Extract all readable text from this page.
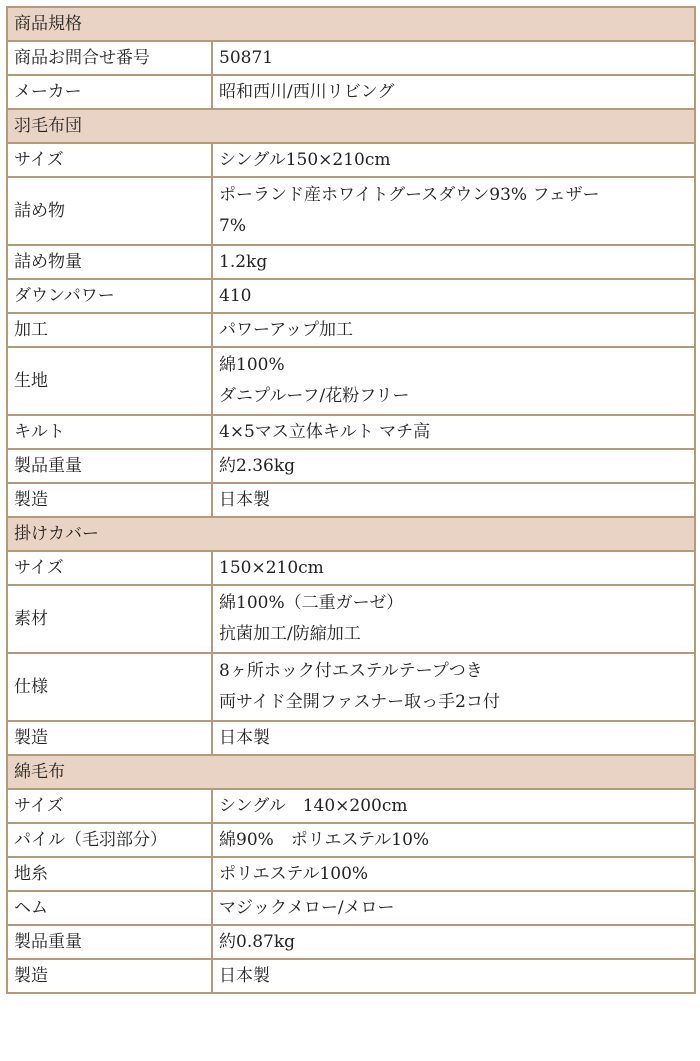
商品規格	
商品お問合せ番号	50871

メーカー	昭和西川/西川リビング

羽毛布団	
サイズ	シングル150×210cm

詰め物	ポーランド産ホワイトグースダウン93% フェザー
7%

詰め物量	1.2kg

ダウンパワー	410

加工	パワーアップ加工

生地	綿100%
ダニプルーフ/花粉フリー

キルト	4×5マス立体キルト マチ高

製品重量	約2.36kg

製造	日本製

掛けカバー	
サイズ	150×210cm

素材	綿100%（二重ガーゼ）
抗菌加工/防縮加工

仕様	8ヶ所ホック付エステルテープつき
両サイド全開ファスナー取っ手2コ付

製造	日本製

綿毛布	
サイズ	シングル　140×200cm

パイル（毛羽部分）	綿90%　ポリエステル10%

地糸	ポリエステル100%

ヘム	マジックメロー/メロー

製品重量	約0.87kg

製造	日本製
